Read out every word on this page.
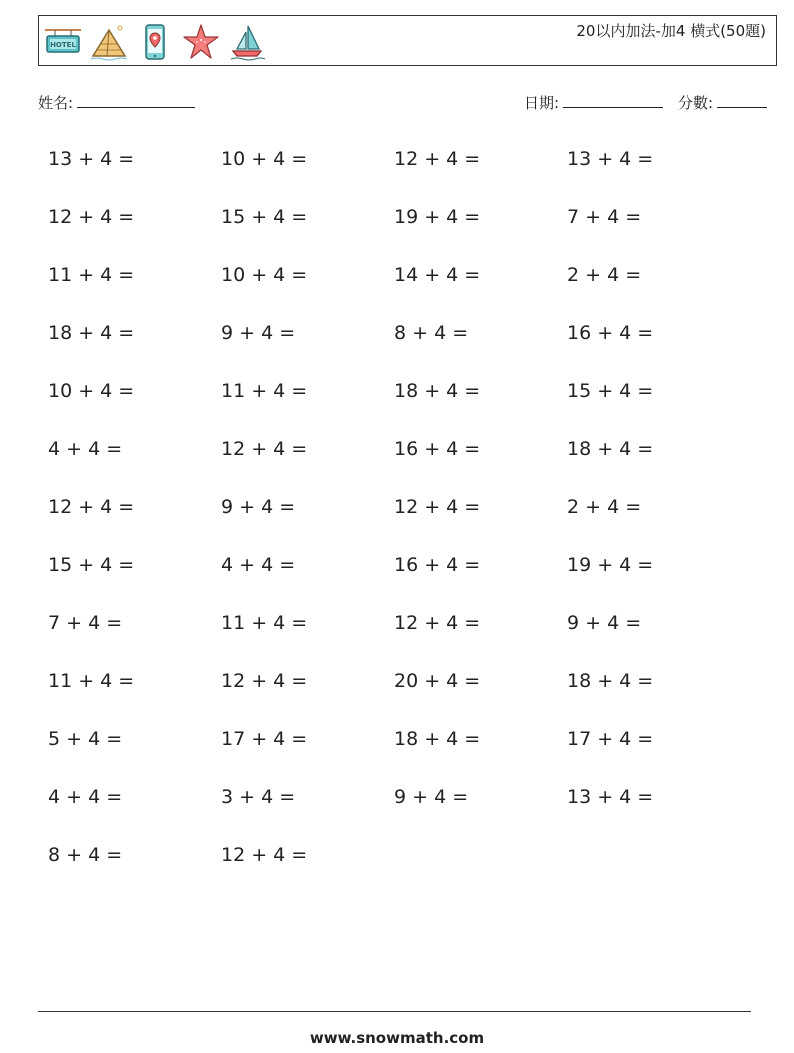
HOTEL
20以内加法-加4 横式(50題)
姓名:	日期:	分數:
13 + 4 =	10 + 4 =	12 + 4 =	13 + 4 =
12 + 4 =	15 + 4 =	19 + 4 =	7 + 4 =
11 + 4 =	10 + 4 =	14 + 4 =	2 + 4 =
18 + 4 =	9 + 4 =	8 + 4 =	16 + 4 =
10 + 4 =	11 + 4 =	18 + 4 =	15 + 4 =
4 + 4 =	12 + 4 =	16 + 4 =	18 + 4 =
12 + 4 =	9 + 4 =	12 + 4 =	2 + 4 =
15 + 4 =	4 + 4 =	16 + 4 =	19 + 4 =
7 + 4 =	11 + 4 =	12 + 4 =	9 + 4 =
11 + 4 =	12 + 4 =	20 + 4 =	18 + 4 =
5 + 4 =	17 + 4 =	18 + 4 =	17 + 4 =
4 + 4 =	3 + 4 =	9 + 4 =	13 + 4 =
8 + 4 =	12 + 4 =
www.snowmath.com
